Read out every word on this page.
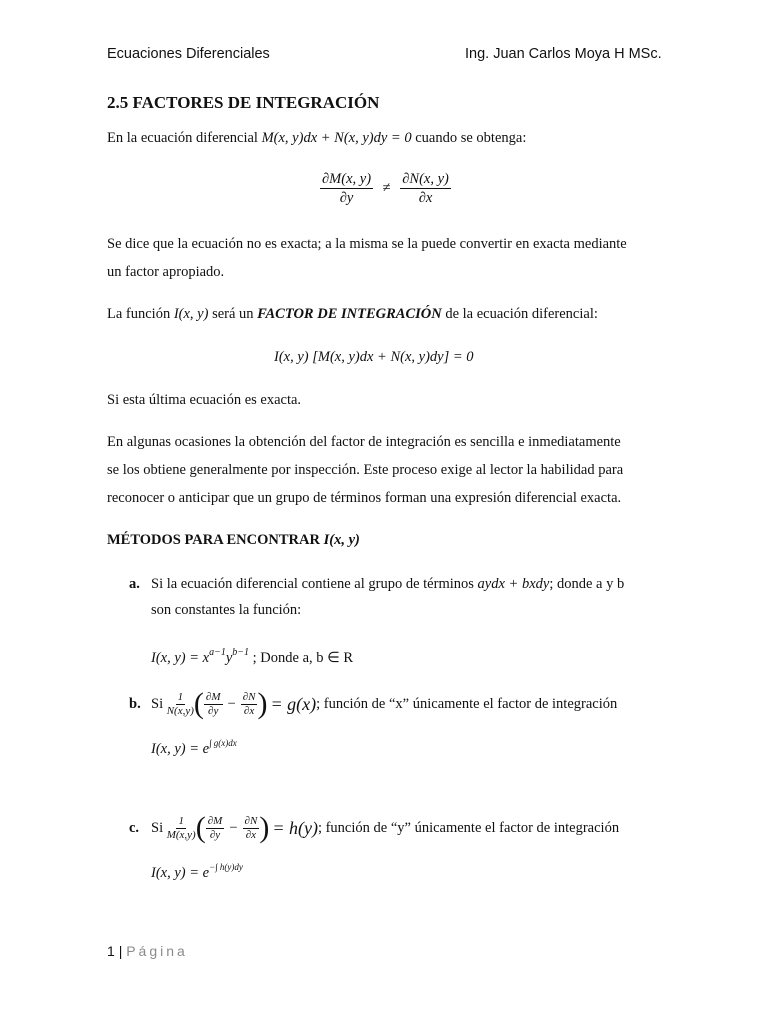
Ecuaciones Diferenciales	Ing. Juan Carlos Moya H MSc.
2.5 FACTORES DE INTEGRACIÓN
En la ecuación diferencial M(x, y)dx + N(x, y)dy = 0 cuando se obtenga:
$\frac{\partial M(x, y)}{\partial y} \ne \frac{\partial N(x, y)}{\partial x}$
Se dice que la ecuación no es exacta; a la misma se la puede convertir en exacta mediante
un factor apropiado.
La función I(x, y) será un FACTOR DE INTEGRACIÓN de la ecuación diferencial:
I(x, y) [M(x, y)dx + N(x, y)dy] = 0
Si esta última ecuación es exacta.
En algunas ocasiones la obtención del factor de integración es sencilla e inmediatamente
se los obtiene generalmente por inspección. Este proceso exige al lector la habilidad para
reconocer o anticipar que un grupo de términos forman una expresión diferencial exacta.
MÉTODOS PARA ENCONTRAR I(x, y)
a. Si la ecuación diferencial contiene al grupo de términos aydx + bxdy; donde a y b
son constantes la función:
I(x, $y) = x^{a-1}y^{b-1}$ ; Donde a, b ∈ R
b. Si
$\frac{1}{N(x,y)}$ ( $\frac{\partial M}{\partial y} - \frac{\partial N}{\partial x}$ ) = g(x) ; función de “x” únicamente el factor de integración
I(x, $y) = e^{\int g(x)dx}$
c. Si
$\frac{1}{M(x,y)}$ ( $\frac{\partial M}{\partial y} - \frac{\partial N}{\partial x}$ ) = h(y) ; función de “y” únicamente el factor de integración
I(x, $y) = e^{-\int h(y)dy}$
1 | Página
